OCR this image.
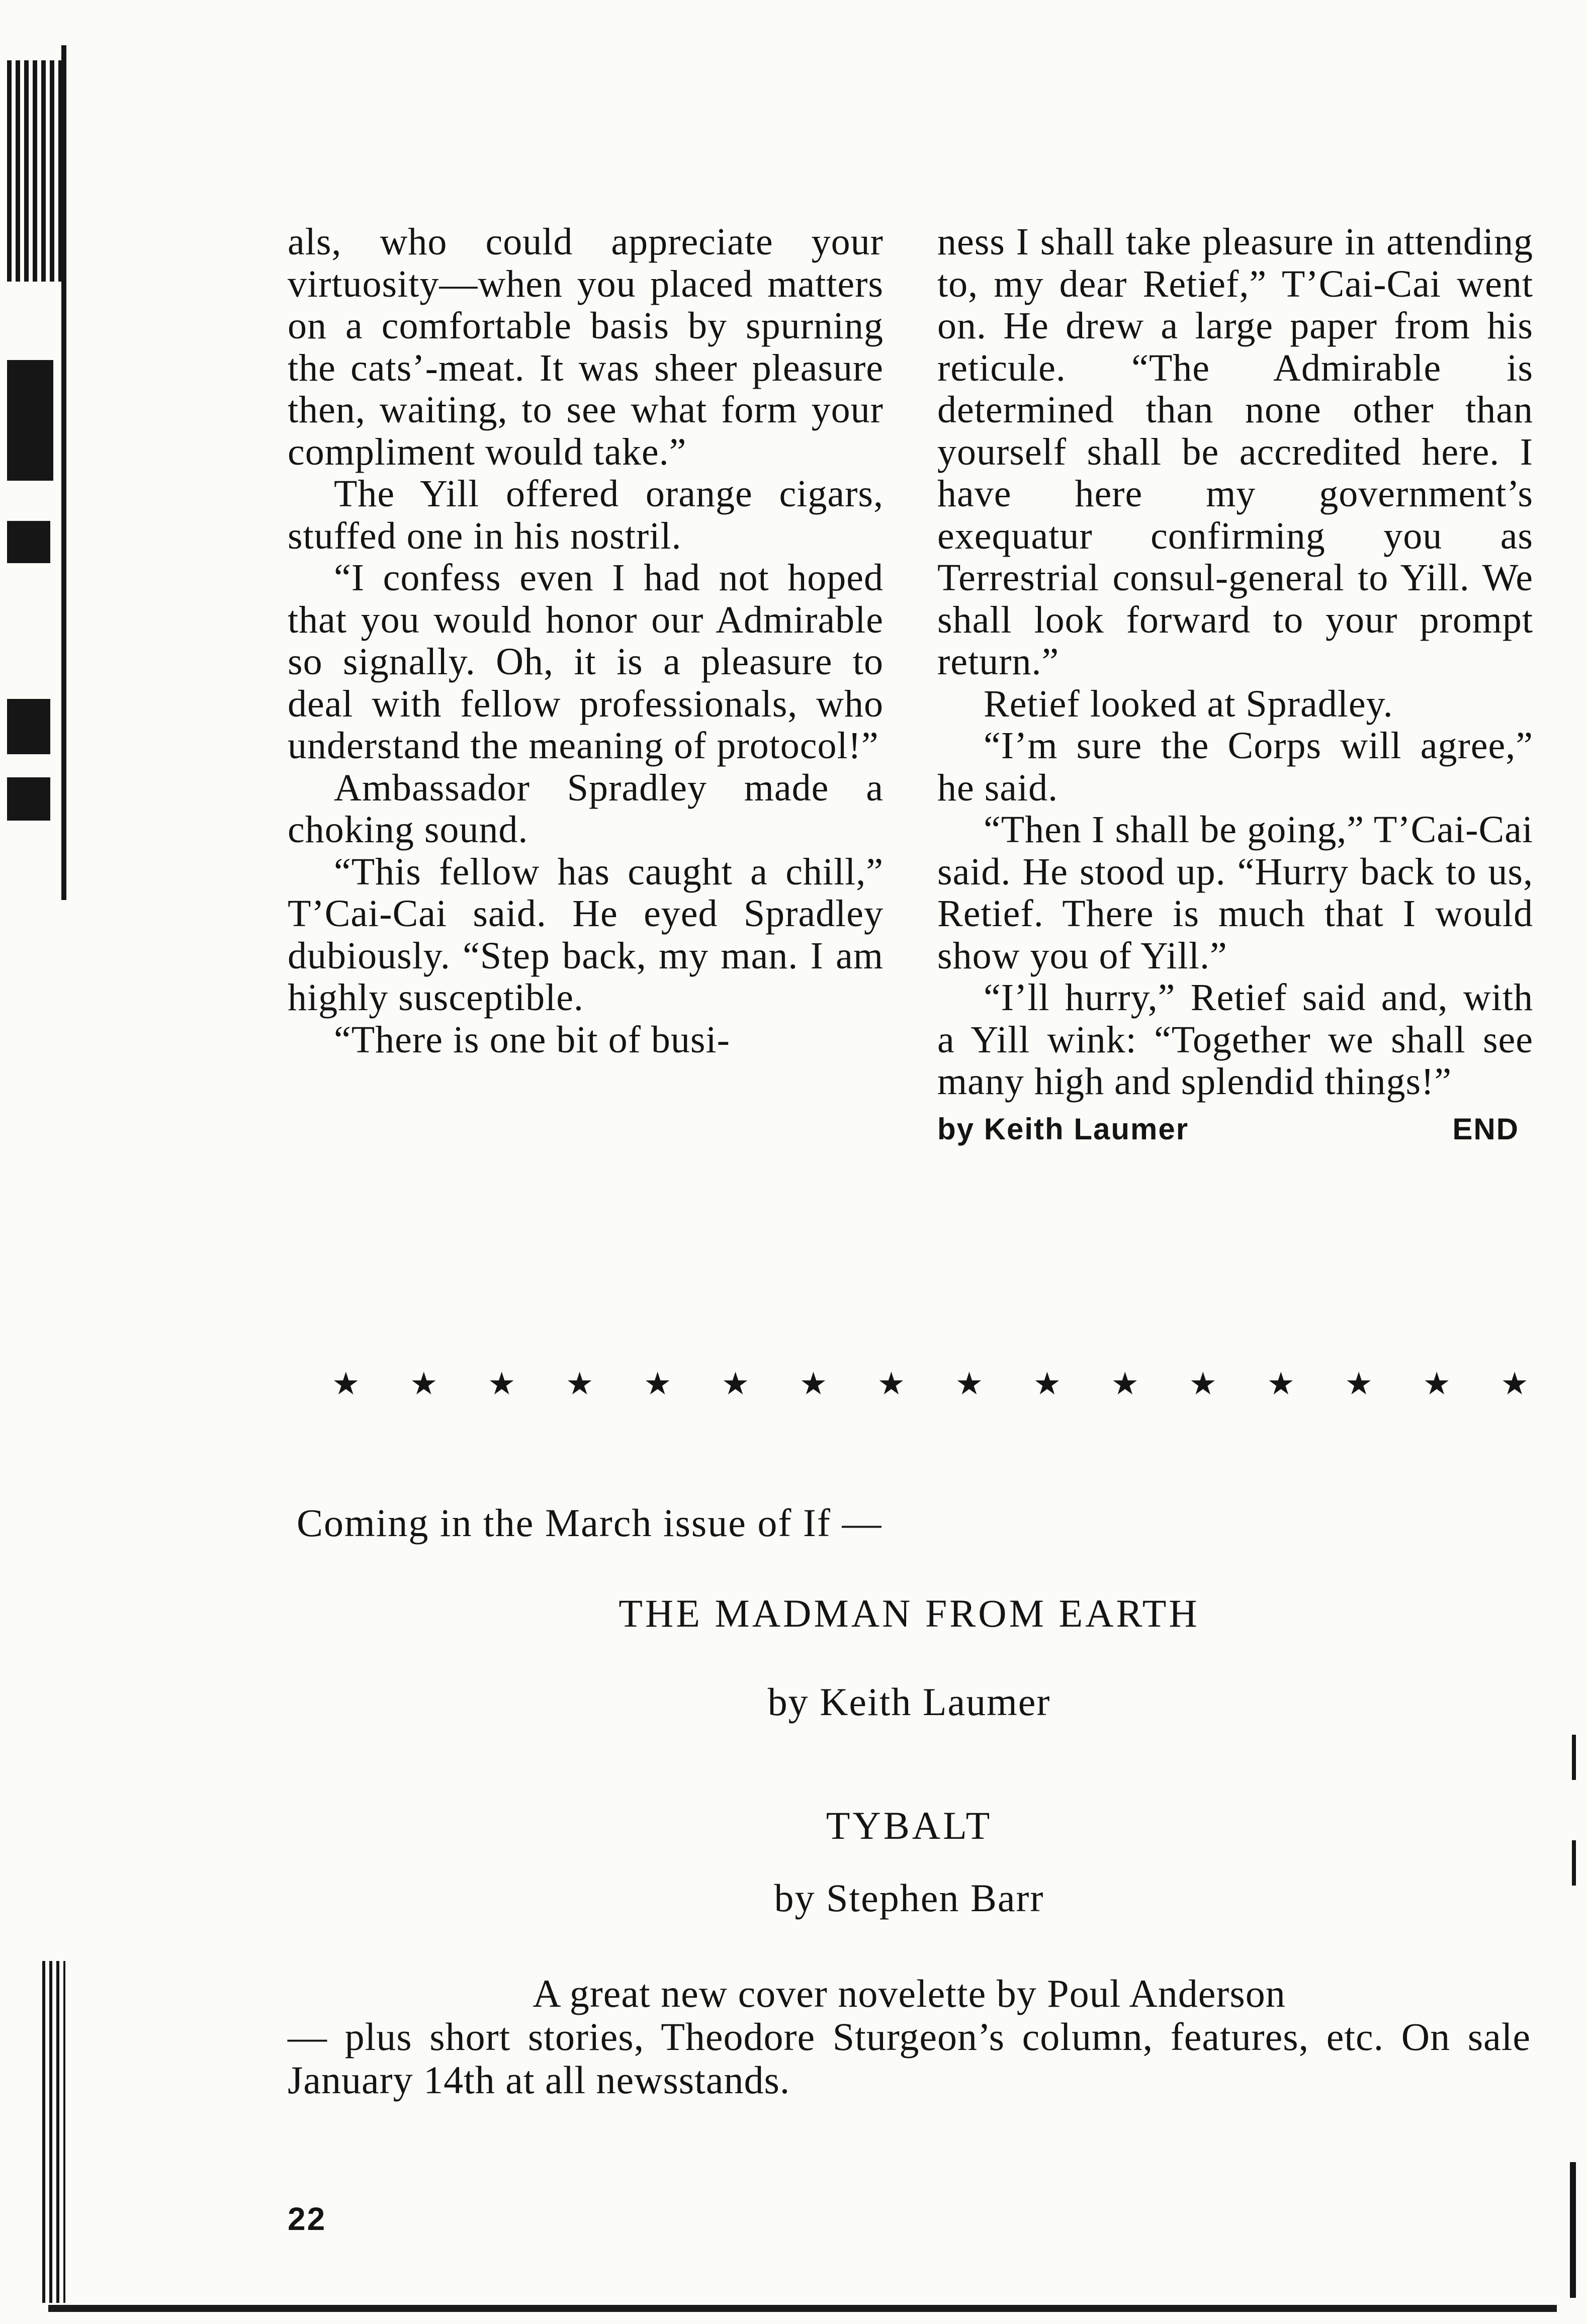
als, who could appreciate your virtuosity—when you placed matters on a comfortable basis by spurning the cats’-meat. It was sheer pleasure then, waiting, to see what form your compliment would take.”

The Yill offered orange cigars, stuffed one in his nostril.

“I confess even I had not hoped that you would honor our Admirable so signally. Oh, it is a pleasure to deal with fellow professionals, who understand the meaning of protocol!”

Ambassador Spradley made a choking sound.

“This fellow has caught a chill,” T’Cai-Cai said. He eyed Spradley dubiously. “Step back, my man. I am highly susceptible.

“There is one bit of busi-

ness I shall take pleasure in attending to, my dear Retief,” T’Cai-Cai went on. He drew a large paper from his reticule. “The Admirable is determined than none other than yourself shall be accredited here. I have here my government’s exequatur confirming you as Terrestrial consul-general to Yill. We shall look forward to your prompt return.”

Retief looked at Spradley.

“I’m sure the Corps will agree,” he said.

“Then I shall be going,” T’Cai-Cai said. He stood up. “Hurry back to us, Retief. There is much that I would show you of Yill.”

“I’ll hurry,” Retief said and, with a Yill wink: “Together we shall see many high and splendid things!”

by Keith Laumer	END
★ ★ ★ ★ ★ ★ ★ ★ ★ ★ ★ ★ ★ ★ ★ ★
Coming in the March issue of If —
THE MADMAN FROM EARTH
by Keith Laumer
TYBALT
by Stephen Barr

A great new cover novelette by Poul Anderson

— plus short stories, Theodore Sturgeon’s column, features, etc. On sale January 14th at all newsstands.

22
